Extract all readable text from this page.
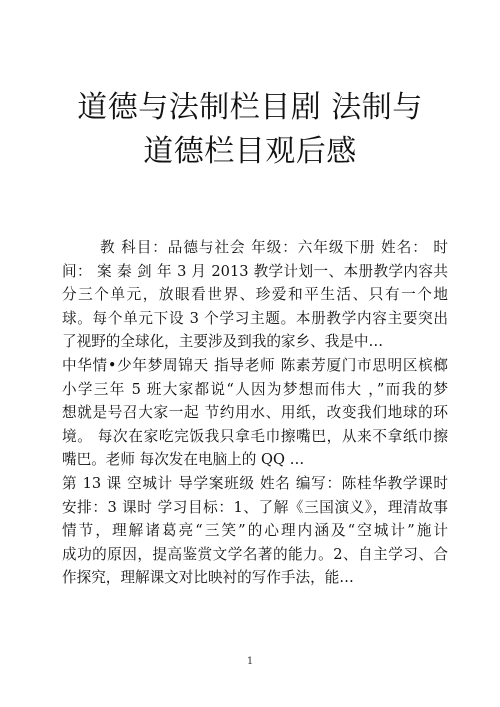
道德与法制栏目剧 法制与
道德栏目观后感
教 科目：品德与社会 年级：六年级下册 姓名： 时
间： 案 秦 剑 年 3 月 2013 教学计划一、本册教学内容共
分三个单元，放眼看世界、珍爱和平生活、只有一个地
球。每个单元下设 3 个学习主题。本册教学内容主要突出
了视野的全球化，主要涉及到我的家乡、我是中…
中华情•少年梦周锦天 指导老师 陈素芳厦门市思明区槟榔
小学三年 5 班大家都说“人因为梦想而伟大 ，”而我的梦
想就是号召大家一起 节约用水、用纸，改变我们地球的环
境。 每次在家吃完饭我只拿毛巾擦嘴巴，从来不拿纸巾擦
嘴巴。老师 每次发在电脑上的 QQ …
第 13 课 空城计 导学案班级 姓名 编写：陈桂华教学课时
安排：3 课时 学习目标：1、了解《三国演义》，理清故事
情节，理解诸葛亮“三笑”的心理内涵及“空城计”施计
成功的原因，提高鉴赏文学名著的能力。2、自主学习、合
作探究，理解课文对比映衬的写作手法，能…
1
